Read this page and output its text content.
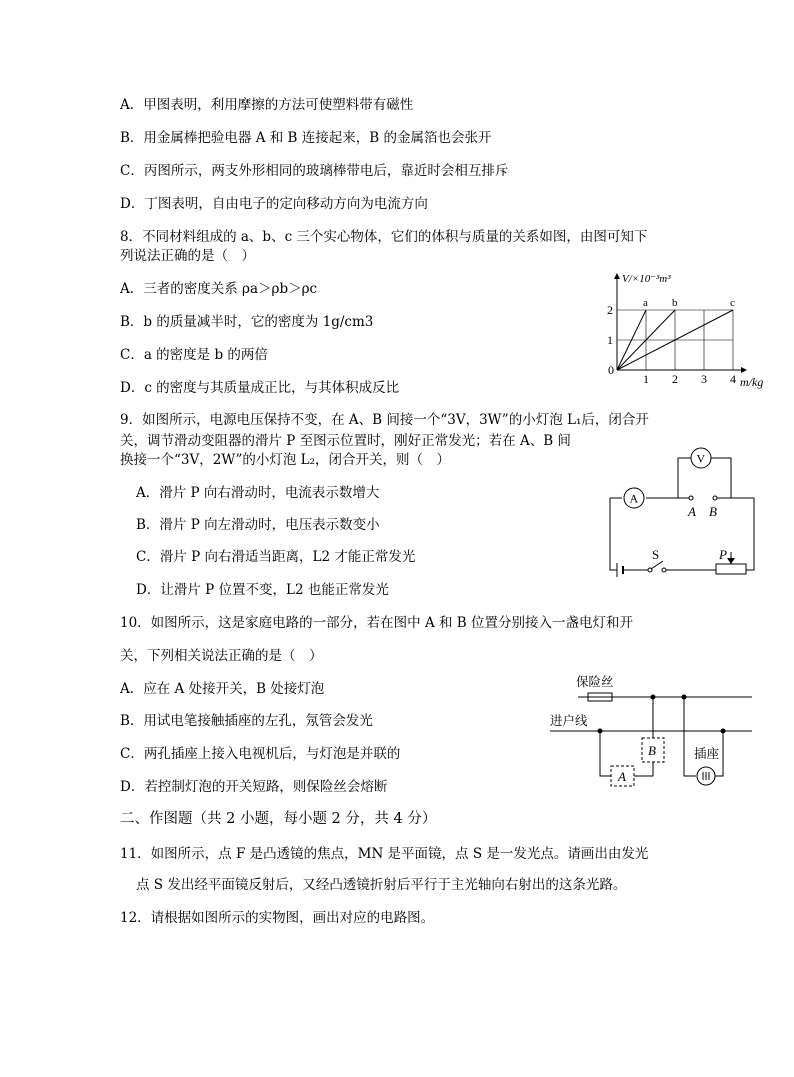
A．甲图表明，利用摩擦的方法可使塑料带有磁性
B．用金属棒把验电器 A 和 B 连接起来，B 的金属箔也会张开
C．丙图所示，两支外形相同的玻璃棒带电后，靠近时会相互排斥
D．丁图表明，自由电子的定向移动方向为电流方向
8．不同材料组成的 a、b、c 三个实心物体，它们的体积与质量的关系如图，由图可知下
列说法正确的是（　）
A．三者的密度关系 ρa＞ρb＞ρc
B．b 的质量减半时，它的密度为 1g/cm3
C．a 的密度是 b 的两倍
D．c 的密度与其质量成正比，与其体积成反比
a b	c
1 2 3 4
1
2
V/×10⁻³m³
m/kg
0
9．如图所示，电源电压保持不变，在 A、B 间接一个“3V，3W”的小灯泡 L₁后，闭合开
关，调节滑动变阻器的滑片 P 至图示位置时，刚好正常发光；若在 A、B 间
换接一个“3V，2W”的小灯泡 L₂，闭合开关，则（　）
A．滑片 P 向右滑动时，电流表示数增大
B．滑片 P 向左滑动时，电压表示数变小
C．滑片 P 向右滑适当距离，L2 才能正常发光
D．让滑片 P 位置不变，L2 也能正常发光
V
A
A B
S	P
10．如图所示，这是家庭电路的一部分，若在图中 A 和 B 位置分别接入一盏电灯和开
关，下列相关说法正确的是（　）
A．应在 A 处接开关，B 处接灯泡
B．用试电笔接触插座的左孔，氖管会发光
C．两孔插座上接入电视机后，与灯泡是并联的
D．若控制灯泡的开关短路，则保险丝会熔断
保险丝
进户线
B
A
插座
二、作图题（共 2 小题，每小题 2 分，共 4 分）
11．如图所示，点 F 是凸透镜的焦点，MN 是平面镜，点 S 是一发光点。请画出由发光
点 S 发出经平面镜反射后，又经凸透镜折射后平行于主光轴向右射出的这条光路。
12．请根据如图所示的实物图，画出对应的电路图。
